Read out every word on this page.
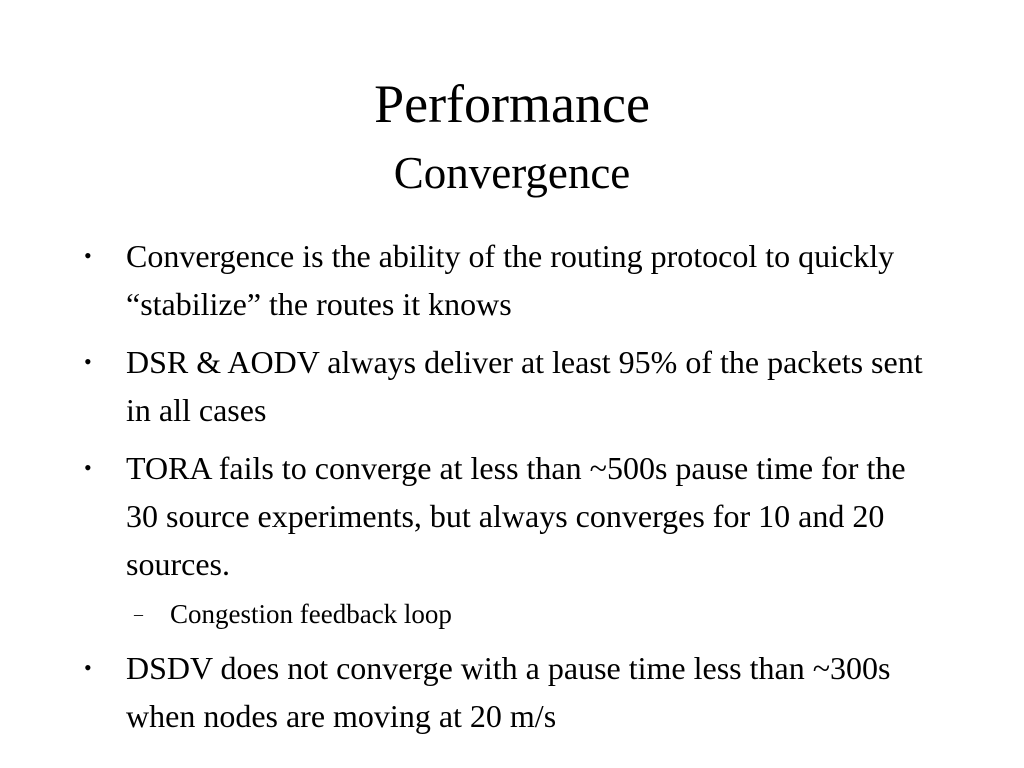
Performance
Convergence
• Convergence is the ability of the routing protocol to quickly “stabilize” the routes it knows
• DSR & AODV always deliver at least 95% of the packets sent in all cases
• TORA fails to converge at less than ~500s pause time for the 30 source experiments, but always converges for 10 and 20 sources.
– Congestion feedback loop
• DSDV does not converge with a pause time less than ~300s when nodes are moving at 20 m/s
